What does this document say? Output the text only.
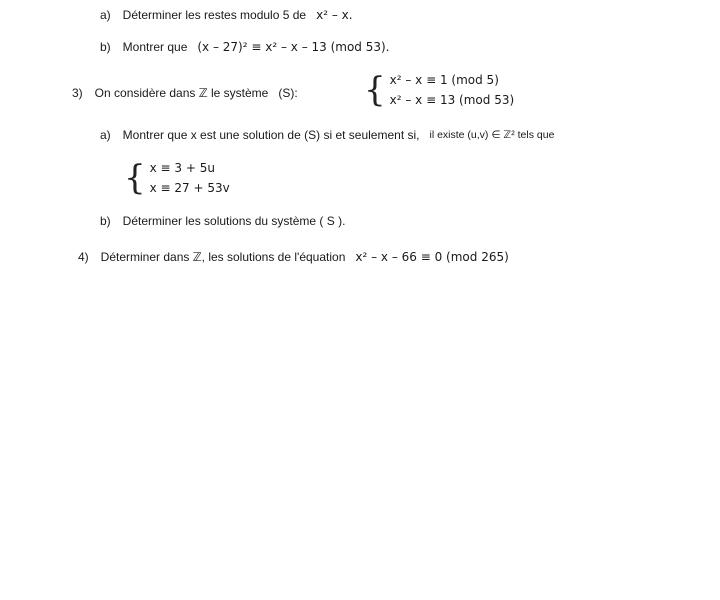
a) Déterminer les restes modulo 5 de x² – x.
b) Montrer que (x – 27)² ≡ x² – x – 13 (mod 53).
3) On considère dans ℤ le système (S): { x² – x ≡ 1 (mod 5)
x² – x ≡ 13 (mod 53)
a) Montrer que x est une solution de (S) si et seulement si, il existe (u,v) ∈ ℤ² tels que
{ x ≡ 3 + 5u
x ≡ 27 + 53v
b) Déterminer les solutions du système ( S ).
4) Déterminer dans ℤ, les solutions de l'équation x² – x – 66 ≡ 0 (mod 265)
